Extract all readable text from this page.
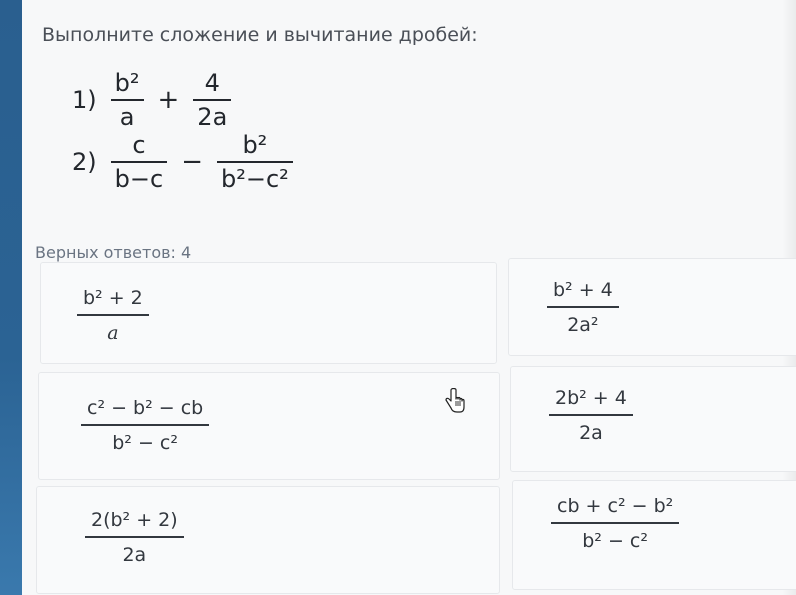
Выполните сложение и вычитание дробей:
$1) \frac{\text{b²}}{a} + \frac{4}{2a}$
$2) \frac{c}{b-c} - \frac{\text{b²}}{\text{b²−c²}}$
Верных ответов: 4
b² + 2
a
b² + 4
2a²
c² − b² − cb
b² − c²
2b² + 4
2a
2(b² + 2)
2a
cb + c² − b²
b² − c²
